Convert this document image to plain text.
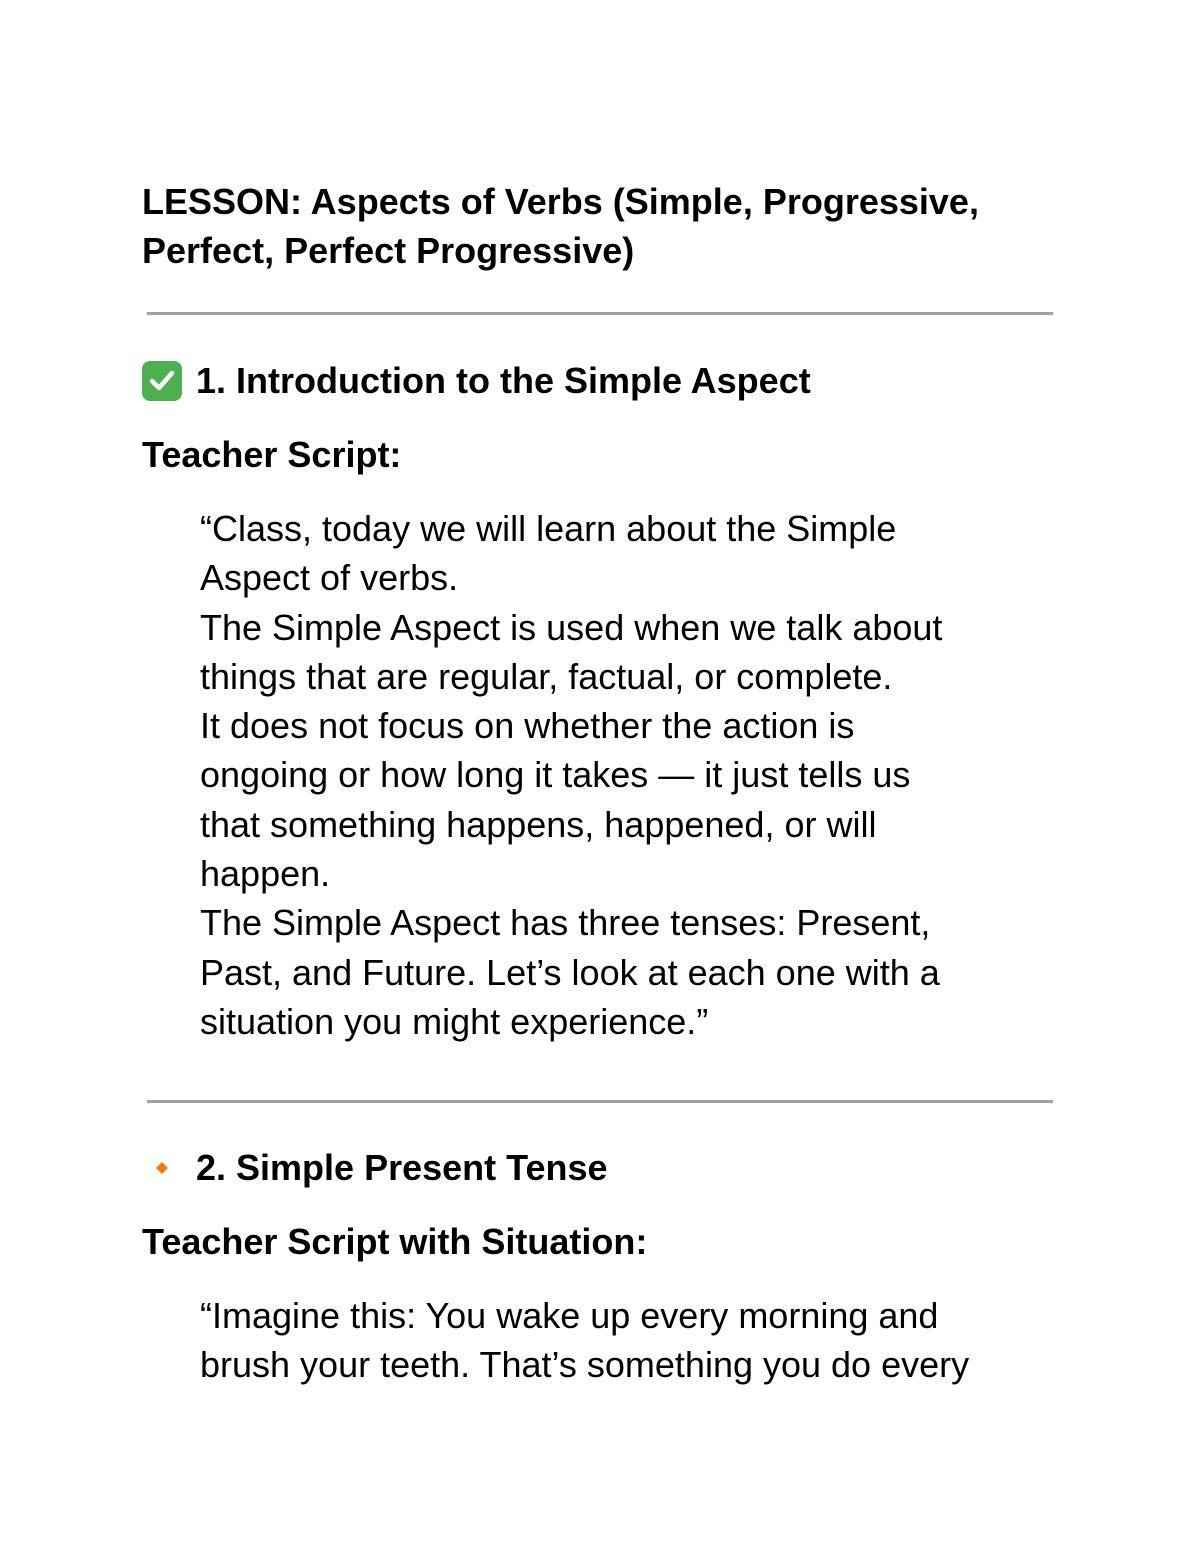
LESSON: Aspects of Verbs (Simple, Progressive, Perfect, Perfect Progressive)
1. Introduction to the Simple Aspect
Teacher Script:

“Class, today we will learn about the Simple
Aspect of verbs.
The Simple Aspect is used when we talk about
things that are regular, factual, or complete.
It does not focus on whether the action is
ongoing or how long it takes — it just tells us
that something happens, happened, or will
happen.
The Simple Aspect has three tenses: Present,
Past, and Future. Let’s look at each one with a
situation you might experience.”

2. Simple Present Tense
Teacher Script with Situation:

“Imagine this: You wake up every morning and
brush your teeth. That’s something you do every
